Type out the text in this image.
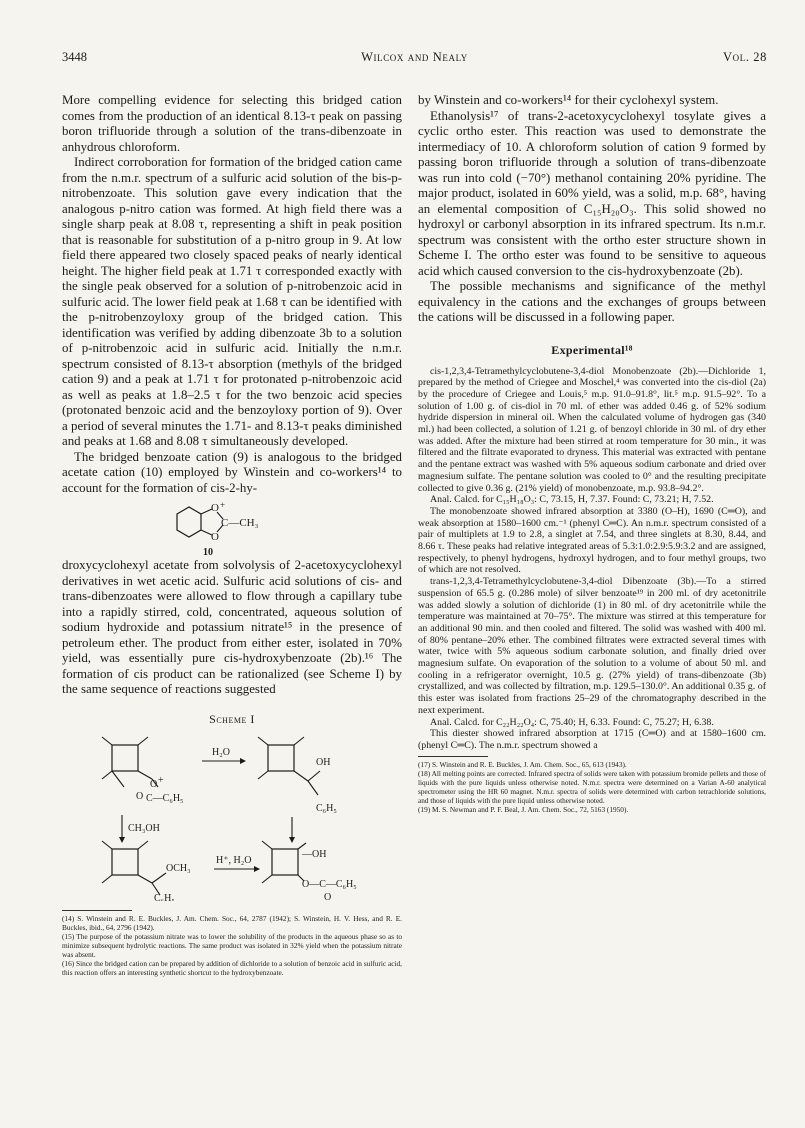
3448	Wilcox and Nealy	Vol. 28

More compelling evidence for selecting this bridged cation comes from the production of an identical 8.13-τ peak on passing boron trifluoride through a solution of the trans-dibenzoate in anhydrous chloroform.

Indirect corroboration for formation of the bridged cation came from the n.m.r. spectrum of a sulfuric acid solution of the bis-p-nitrobenzoate. This solution gave every indication that the analogous p-nitro cation was formed. At high field there was a single sharp peak at 8.08 τ, representing a shift in peak position that is reasonable for substitution of a p-nitro group in 9. At low field there appeared two closely spaced peaks of nearly identical height. The higher field peak at 1.71 τ corresponded exactly with the single peak observed for a solution of p-nitrobenzoic acid in sulfuric acid. The lower field peak at 1.68 τ can be identified with the p-nitrobenzoyloxy group of the bridged cation. This identification was verified by adding dibenzoate 3b to a solution of p-nitrobenzoic acid in sulfuric acid. Initially the n.m.r. spectrum consisted of 8.13-τ absorption (methyls of the bridged cation 9) and a peak at 1.71 τ for protonated p-nitrobenzoic acid as well as peaks at 1.8–2.5 τ for the two benzoic acid species (protonated benzoic acid and the benzoyloxy portion of 9). Over a period of several minutes the 1.71- and 8.13-τ peaks diminished and peaks at 1.68 and 8.08 τ simultaneously developed.

The bridged benzoate cation (9) is analogous to the bridged acetate cation (10) employed by Winstein and co-workers¹⁴ to account for the formation of cis-2-hy-

O +
O
C—CH₃
10

droxycyclohexyl acetate from solvolysis of 2-acetoxycyclohexyl derivatives in wet acetic acid. Sulfuric acid solutions of cis- and trans-dibenzoates were allowed to flow through a capillary tube into a rapidly stirred, cold, concentrated, aqueous solution of sodium hydroxide and potassium nitrate¹⁵ in the presence of petroleum ether. The product from either ester, isolated in 70% yield, was essentially pure cis-hydroxybenzoate (2b).¹⁶ The formation of cis product can be rationalized (see Scheme I) by the same sequence of reactions suggested

Scheme I
O +
O C—C₆H₅
H₂O
OH
C₆H₅
CH₃OH
OCH₃
C₆H₅
H⁺, H₂O
—OH
O—C—C₆H₅
O

(14) S. Winstein and R. E. Buckles, J. Am. Chem. Soc., 64, 2787 (1942); S. Winstein, H. V. Hess, and R. E. Buckles, ibid., 64, 2796 (1942).

(15) The purpose of the potassium nitrate was to lower the solubility of the products in the aqueous phase so as to minimize subsequent hydrolytic reactions. The same product was isolated in 32% yield when the potassium nitrate was absent.

(16) Since the bridged cation can be prepared by addition of dichloride to a solution of benzoic acid in sulfuric acid, this reaction offers an interesting synthetic shortcut to the hydroxybenzoate.

by Winstein and co-workers¹⁴ for their cyclohexyl system.

Ethanolysis¹⁷ of trans-2-acetoxycyclohexyl tosylate gives a cyclic ortho ester. This reaction was used to demonstrate the intermediacy of 10. A chloroform solution of cation 9 formed by passing boron trifluoride through a solution of trans-dibenzoate was run into cold (−70°) methanol containing 20% pyridine. The major product, isolated in 60% yield, was a solid, m.p. 68°, having an elemental composition of C₁₅H₂₀O₃. This solid showed no hydroxyl or carbonyl absorption in its infrared spectrum. Its n.m.r. spectrum was consistent with the ortho ester structure shown in Scheme I. The ortho ester was found to be sensitive to aqueous acid which caused conversion to the cis-hydroxybenzoate (2b).

The possible mechanisms and significance of the methyl equivalency in the cations and the exchanges of groups between the cations will be discussed in a following paper.

Experimental¹⁸

cis-1,2,3,4-Tetramethylcyclobutene-3,4-diol Monobenzoate (2b).—Dichloride 1, prepared by the method of Criegee and Moschel,⁴ was converted into the cis-diol (2a) by the procedure of Criegee and Louis,⁵ m.p. 91.0–91.8°, lit.⁵ m.p. 91.5–92°. To a solution of 1.00 g. of cis-diol in 70 ml. of ether was added 0.46 g. of 52% sodium hydride dispersion in mineral oil. When the calculated volume of hydrogen gas (340 ml.) had been collected, a solution of 1.21 g. of benzoyl chloride in 30 ml. of dry ether was added. After the mixture had been stirred at room temperature for 30 min., it was filtered and the filtrate evaporated to dryness. This material was extracted with pentane and the pentane extract was washed with 5% aqueous sodium carbonate and dried over magnesium sulfate. The pentane solution was cooled to 0° and the resulting precipitate collected to give 0.36 g. (21% yield) of monobenzoate, m.p. 93.8–94.2°.

Anal. Calcd. for C₁₅H₁₈O₃: C, 73.15, H, 7.37. Found: C, 73.21; H, 7.52.

The monobenzoate showed infrared absorption at 3380 (O–H), 1690 (C═O), and weak absorption at 1580–1600 cm.⁻¹ (phenyl C═C). An n.m.r. spectrum consisted of a pair of multiplets at 1.9 to 2.8, a singlet at 7.54, and three singlets at 8.30, 8.44, and 8.66 τ. These peaks had relative integrated areas of 5.3:1.0:2.9:5.9:3.2 and are assigned, respectively, to phenyl hydrogens, hydroxyl hydrogen, and to four methyl groups, two of which are not resolved.

trans-1,2,3,4-Tetramethylcyclobutene-3,4-diol Dibenzoate (3b).—To a stirred suspension of 65.5 g. (0.286 mole) of silver benzoate¹⁹ in 200 ml. of dry acetonitrile was added slowly a solution of dichloride (1) in 80 ml. of dry acetonitrile while the temperature was maintained at 70–75°. The mixture was stirred at this temperature for an additional 90 min. and then cooled and filtered. The solid was washed with 400 ml. of 80% pentane–20% ether. The combined filtrates were extracted several times with water, twice with 5% aqueous sodium carbonate solution, and finally dried over magnesium sulfate. On evaporation of the solution to a volume of about 50 ml. and cooling in a refrigerator overnight, 10.5 g. (27% yield) of trans-dibenzoate (3b) crystallized, and was collected by filtration, m.p. 129.5–130.0°. An additional 0.35 g. of this ester was isolated from fractions 25–29 of the chromatography described in the next experiment.

Anal. Calcd. for C₂₂H₂₂O₄: C, 75.40; H, 6.33. Found: C, 75.27; H, 6.38.

This diester showed infrared absorption at 1715 (C═O) and at 1580–1600 cm. (phenyl C═C). The n.m.r. spectrum showed a

(17) S. Winstein and R. E. Buckles, J. Am. Chem. Soc., 65, 613 (1943).

(18) All melting points are corrected. Infrared spectra of solids were taken with potassium bromide pellets and those of liquids with the pure liquids unless otherwise noted. N.m.r. spectra were determined on a Varian A-60 analytical spectrometer using the HR 60 magnet. N.m.r. spectra of solids were determined with carbon tetrachloride solutions, and those of liquids with the pure liquid unless otherwise noted.

(19) M. S. Newman and P. F. Beal, J. Am. Chem. Soc., 72, 5163 (1950).
